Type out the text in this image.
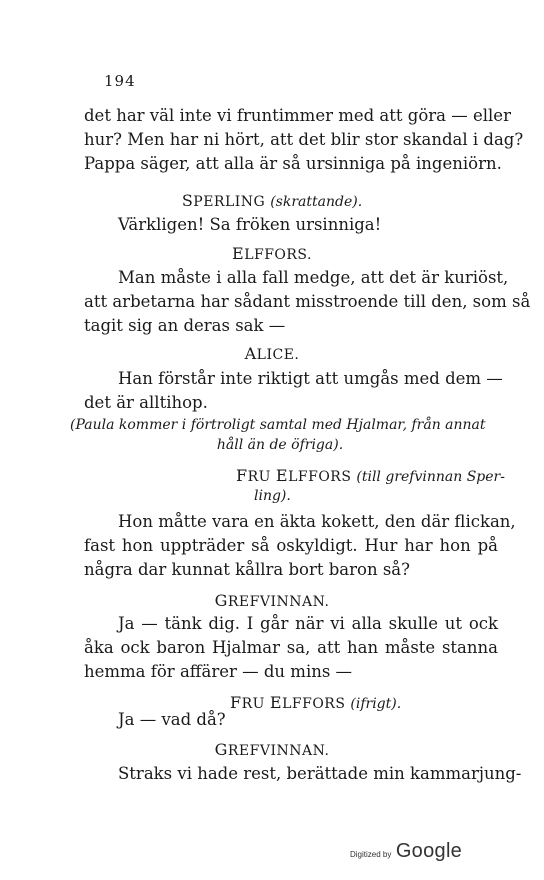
194
det har väl inte vi fruntimmer med att göra — eller
hur? Men har ni hört, att det blir stor skandal i dag?
Pappa säger, att alla är så ursinniga på ingeniörn.
SPERLING (skrattande).
Värkligen! Sa fröken ursinniga!
ELFFORS.
Man måste i alla fall medge, att det är kuriöst,
att arbetarna har sådant misstroende till den, som så
tagit sig an deras sak —
ALICE.
Han förstår inte riktigt att umgås med dem —
det är alltihop.
(Paula kommer i förtroligt samtal med Hjalmar, från annat
håll än de öfriga).
FRU ELFFORS (till grefvinnan Sper-
ling).
Hon måtte vara en äkta kokett, den där flickan,
fast hon uppträder så oskyldigt. Hur har hon på
några dar kunnat kållra bort baron så?
GREFVINNAN.
Ja — tänk dig. I går när vi alla skulle ut ock
åka ock baron Hjalmar sa, att han måste stanna
hemma för affärer — du mins —
FRU ELFFORS (ifrigt).
Ja — vad då?
GREFVINNAN.
Straks vi hade rest, berättade min kammarjung-
Digitized by Google
